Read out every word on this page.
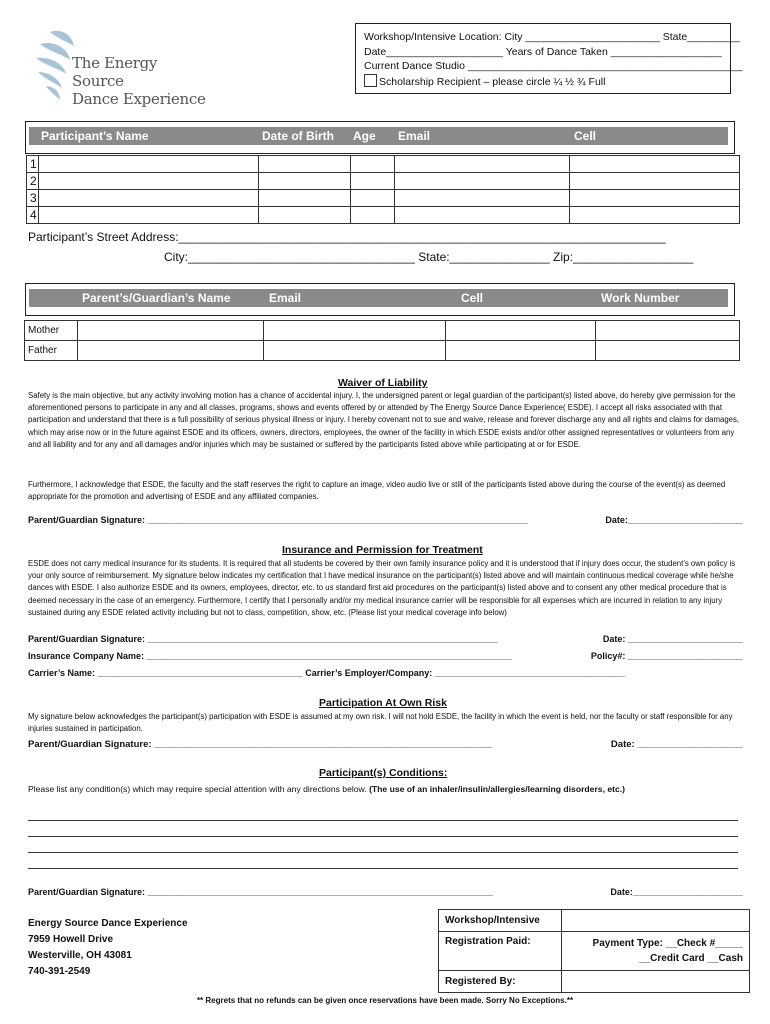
The Energy Source
Dance Experience
Workshop/Intensive Location: City _______________________ State_________
Date____________________ Years of Dance Taken ___________________
Current Dance Studio _______________________________________________
Scholarship Recipient – please circle ¼ ½ ¾ Full
Participant’s Name	Date of Birth Age Email	Cell
1					
2					
3					
4					
Participant’s Street Address:_________________________________________________________________________
City:__________________________________ State:_______________ Zip:__________________
Parent’s/Guardian’s Name	Email	Cell	Work Number
Mother				
Father				
Waiver of Liability
Safety is the main objective, but any activity involving motion has a chance of accidental injury. I, the undersigned parent or legal guardian of the participant(s) listed above, do hereby give permission for the aforementioned persons to participate in any and all classes, programs, shows and events offered by or attended by The Energy Source Dance Experience( ESDE). I accept all risks associated with that participation and understand that there is a full possibility of serious physical illness or injury. I hereby covenant not to sue and waive, release and forever discharge any and all rights and claims for damages, which may arise now or in the future against ESDE and its officers, owners, directors, employees, the owner of the facility in which ESDE exists and/or other assigned representatives or volunteers from any and all liability and for any and all damages and/or injuries which may be sustained or suffered by the participants listed above while participating at or for ESDE.
Furthermore, I acknowledge that ESDE, the faculty and the staff reserves the right to capture an image, video audio live or still of the participants listed above during the course of the event(s) as deemed appropriate for the promotion and advertising of ESDE and any affiliated companies.
Parent/Guardian Signature: ____________________________________________________________________________	Date:_______________________
Insurance and Permission for Treatment
ESDE does not carry medical insurance for its students. It is required that all students be covered by their own family insurance policy and it is understood that if injury does occur, the student’s own policy is your only source of reimbursement. My signature below indicates my certification that I have medical insurance on the participant(s) listed above and will maintain continuous medical coverage while he/she dances with ESDE. I also authorize ESDE and its owners, employees, director, etc. to us standard first aid procedures on the participant(s) listed above and to consent any other medical procedure that is deemed necessary in the case of an emergency. Furthermore, I certify that I personally and/or my medical insurance carrier will be responsible for all expenses which are incurred in relation to any injury sustained during any ESDE related activity including but not to class, competition, show, etc. (Please list your medical coverage info below)
Parent/Guardian Signature: ______________________________________________________________________	Date: _______________________
Insurance Company Name: _________________________________________________________________________	Policy#: _______________________
Carrier’s Name: _________________________________________ Carrier’s Employer/Company: ______________________________________
Participation At Own Risk
My signature below acknowledges the participant(s) participation with ESDE is assumed at my own risk. I will not hold ESDE, the facility in which the event is held, nor the faculty or staff responsible for any injuries sustained in participation.
Parent/Guardian Signature: ________________________________________________________________	Date: ____________________
Participant(s) Conditions:
Please list any condition(s) which may require special attention with any directions below. (The use of an inhaler/insulin/allergies/learning disorders, etc.)
Parent/Guardian Signature: _____________________________________________________________________	Date:______________________
Energy Source Dance Experience
7959 Howell Drive
Westerville, OH 43081
740-391-2549
Workshop/Intensive	
Registration Paid:	Payment Type: __Check #_____
__Credit Card __Cash

Registered By:	
** Regrets that no refunds can be given once reservations have been made. Sorry No Exceptions.**
